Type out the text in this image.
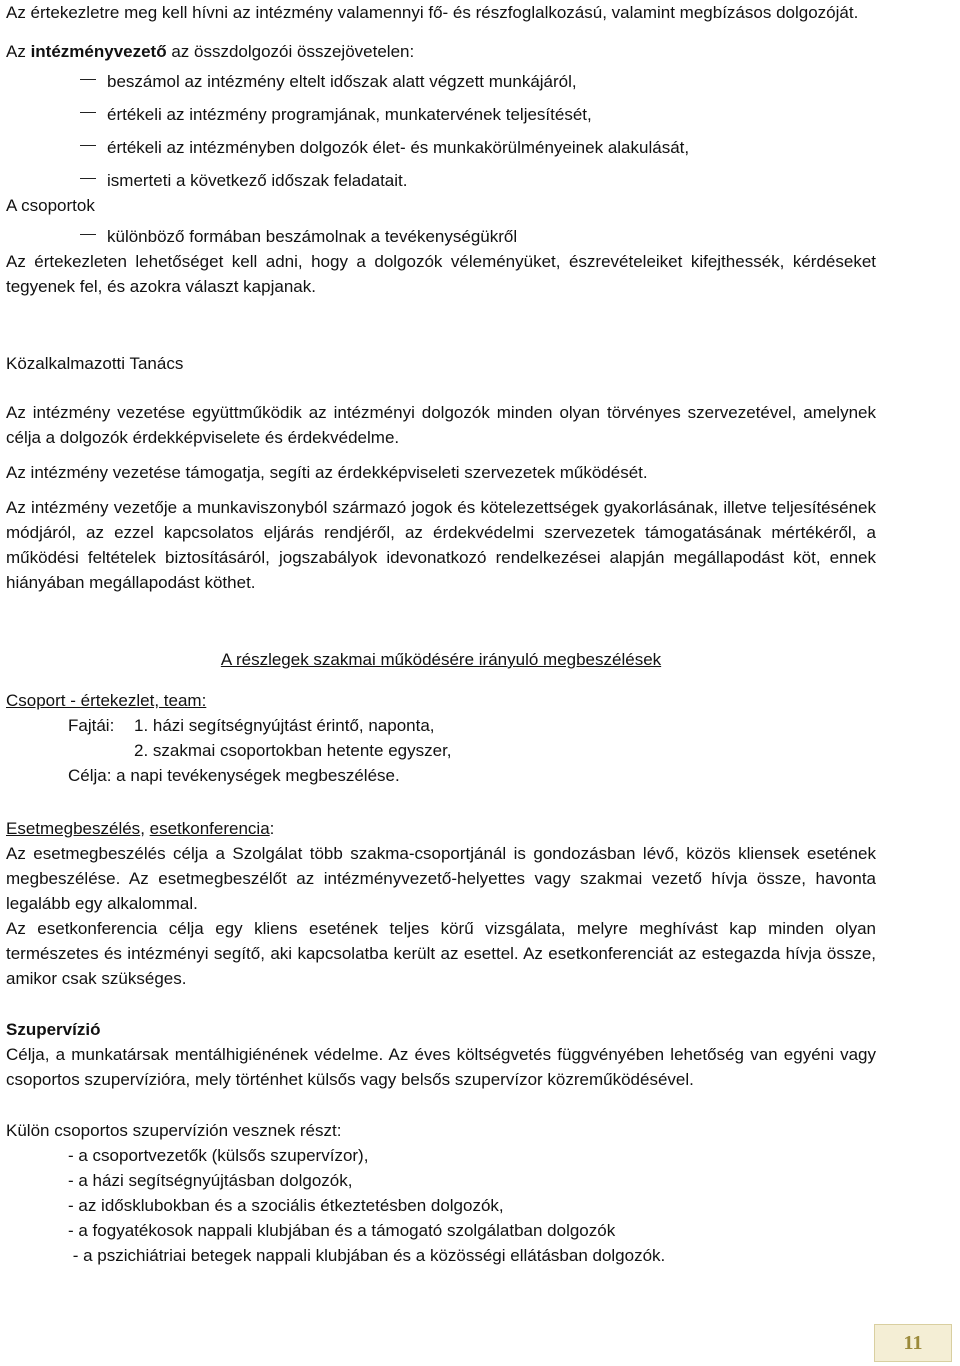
Az értekezletre meg kell hívni az intézmény valamennyi fő- és részfoglalkozású, valamint megbízásos dolgozóját.

Az intézményvezető az összdolgozói összejövetelen:

beszámol az intézmény eltelt időszak alatt végzett munkájáról,
értékeli az intézmény programjának, munkatervének teljesítését,
értékeli az intézményben dolgozók élet- és munkakörülményeinek alakulását,
ismerteti a következő időszak feladatait.

A csoportok

különböző formában beszámolnak a tevékenységükről

Az értekezleten lehetőséget kell adni, hogy a dolgozók véleményüket, észrevételeiket kifejthessék, kérdéseket tegyenek fel, és azokra választ kapjanak.

Közalkalmazotti Tanács

Az intézmény vezetése együttműködik az intézményi dolgozók minden olyan törvényes szervezetével, amelynek célja a dolgozók érdekképviselete és érdekvédelme.

Az intézmény vezetése támogatja, segíti az érdekképviseleti szervezetek működését.

Az intézmény vezetője a munkaviszonyból származó jogok és kötelezettségek gyakorlásának, illetve teljesítésének módjáról, az ezzel kapcsolatos eljárás rendjéről, az érdekvédelmi szervezetek támogatásának mértékéről, a működési feltételek biztosításáról, jogszabályok idevonatkozó rendelkezései alapján megállapodást köt, ennek hiányában megállapodást köthet.

A részlegek szakmai működésére irányuló megbeszélések

Csoport - értekezlet, team:

Fajtái: 1. házi segítségnyújtást érintő, naponta,
2. szakmai csoportokban hetente egyszer,
Célja: a napi tevékenységek megbeszélése.

Esetmegbeszélés, esetkonferencia:

Az esetmegbeszélés célja a Szolgálat több szakma-csoportjánál is gondozásban lévő, közös kliensek esetének megbeszélése. Az esetmegbeszélőt az intézményvezető-helyettes vagy szakmai vezető hívja össze, havonta legalább egy alkalommal.

Az esetkonferencia célja egy kliens esetének teljes körű vizsgálata, melyre meghívást kap minden olyan természetes és intézményi segítő, aki kapcsolatba került az esettel. Az esetkonferenciát az estegazda hívja össze, amikor csak szükséges.

Szupervízió

Célja, a munkatársak mentálhigiénének védelme. Az éves költségvetés függvényében lehetőség van egyéni vagy csoportos szupervízióra, mely történhet külsős vagy belsős szupervízor közreműködésével.

Külön csoportos szupervízión vesznek részt:

- a csoportvezetők (külsős szupervízor),
- a házi segítségnyújtásban dolgozók,
- az idősklubokban és a szociális étkeztetésben dolgozók,
- a fogyatékosok nappali klubjában és a támogató szolgálatban dolgozók
- a pszichiátriai betegek nappali klubjában és a közösségi ellátásban dolgozók.
11
